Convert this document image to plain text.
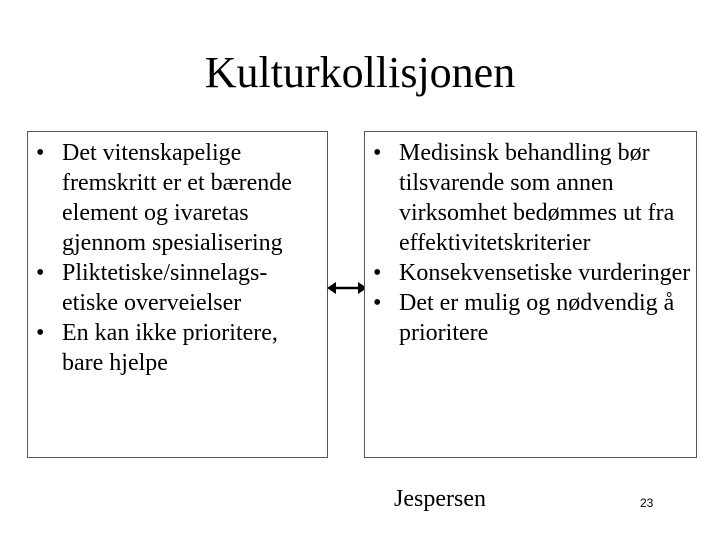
Kulturkollisjonen
• Det vitenskapelige fremskritt er et bærende element og ivaretas gjennom spesialisering
• Pliktetiske/sinnelags-etiske overveielser
• En kan ikke prioritere, bare hjelpe
• Medisinsk behandling bør tilsvarende som annen virksomhet bedømmes ut fra effektivitetskriterier
• Konsekvensetiske vurderinger
• Det er mulig og nødvendig å prioritere
Jespersen	23
